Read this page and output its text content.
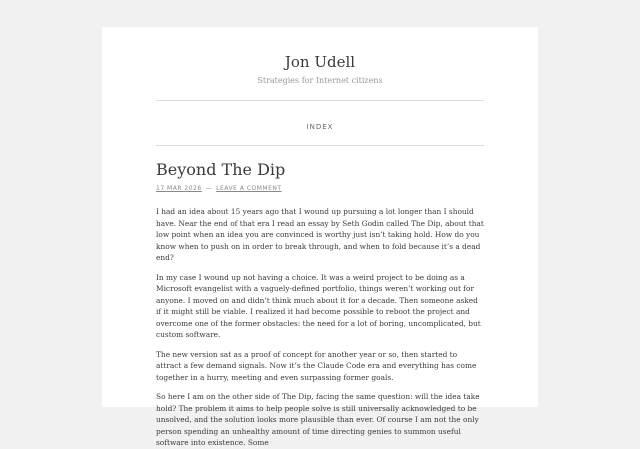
Jon Udell
Strategies for Internet citizens
INDEX
Beyond The Dip
17 MAR 2026 — LEAVE A COMMENT

I had an idea about 15 years ago that I wound up pursuing a lot longer than I should have. Near the end of that era I read an essay by Seth Godin called The Dip, about that low point when an idea you are convinced is worthy just isn’t taking hold. How do you know when to push on in order to break through, and when to fold because it’s a dead end?

In my case I wound up not having a choice. It was a weird project to be doing as a Microsoft evangelist with a vaguely-defined portfolio, things weren’t working out for anyone. I moved on and didn’t think much about it for a decade. Then someone asked if it might still be viable. I realized it had become possible to reboot the project and overcome one of the former obstacles: the need for a lot of boring, uncomplicated, but custom software.

The new version sat as a proof of concept for another year or so, then started to attract a few demand signals. Now it’s the Claude Code era and everything has come together in a hurry, meeting and even surpassing former goals.

So here I am on the other side of The Dip, facing the same question: will the idea take hold? The problem it aims to help people solve is still universally acknowledged to be unsolved, and the solution looks more plausible than ever. Of course I am not the only person spending an unhealthy amount of time directing genies to summon useful software into existence. Some
